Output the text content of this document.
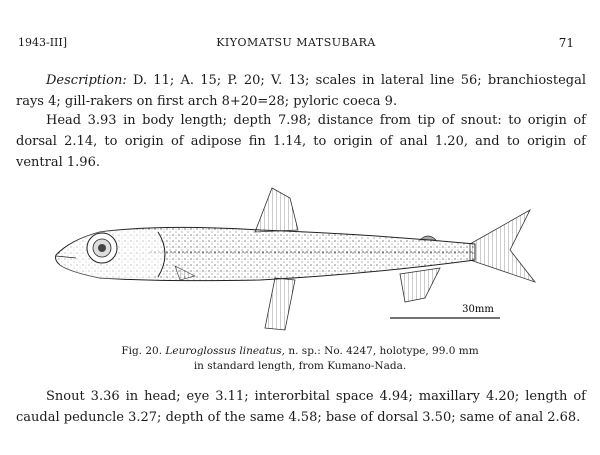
1943-III]	KIYOMATSU MATSUBARA	71
Description: D. 11; A. 15; P. 20; V. 13; scales in lateral line 56; branchiostegal rays 4; gill-rakers on first arch 8+20=28; pyloric coeca 9.
Head 3.93 in body length; depth 7.98; distance from tip of snout: to origin of dorsal 2.14, to origin of adipose fin 1.14, to origin of anal 1.20, and to origin of ventral 1.96.
30mm
Fig. 20. Leuroglossus lineatus, n. sp.: No. 4247, holotype, 99.0 mm
in standard length, from Kumano-Nada.
Snout 3.36 in head; eye 3.11; interorbital space 4.94; maxillary 4.20; length of caudal peduncle 3.27; depth of the same 4.58; base of dorsal 3.50; same of anal 2.68.
